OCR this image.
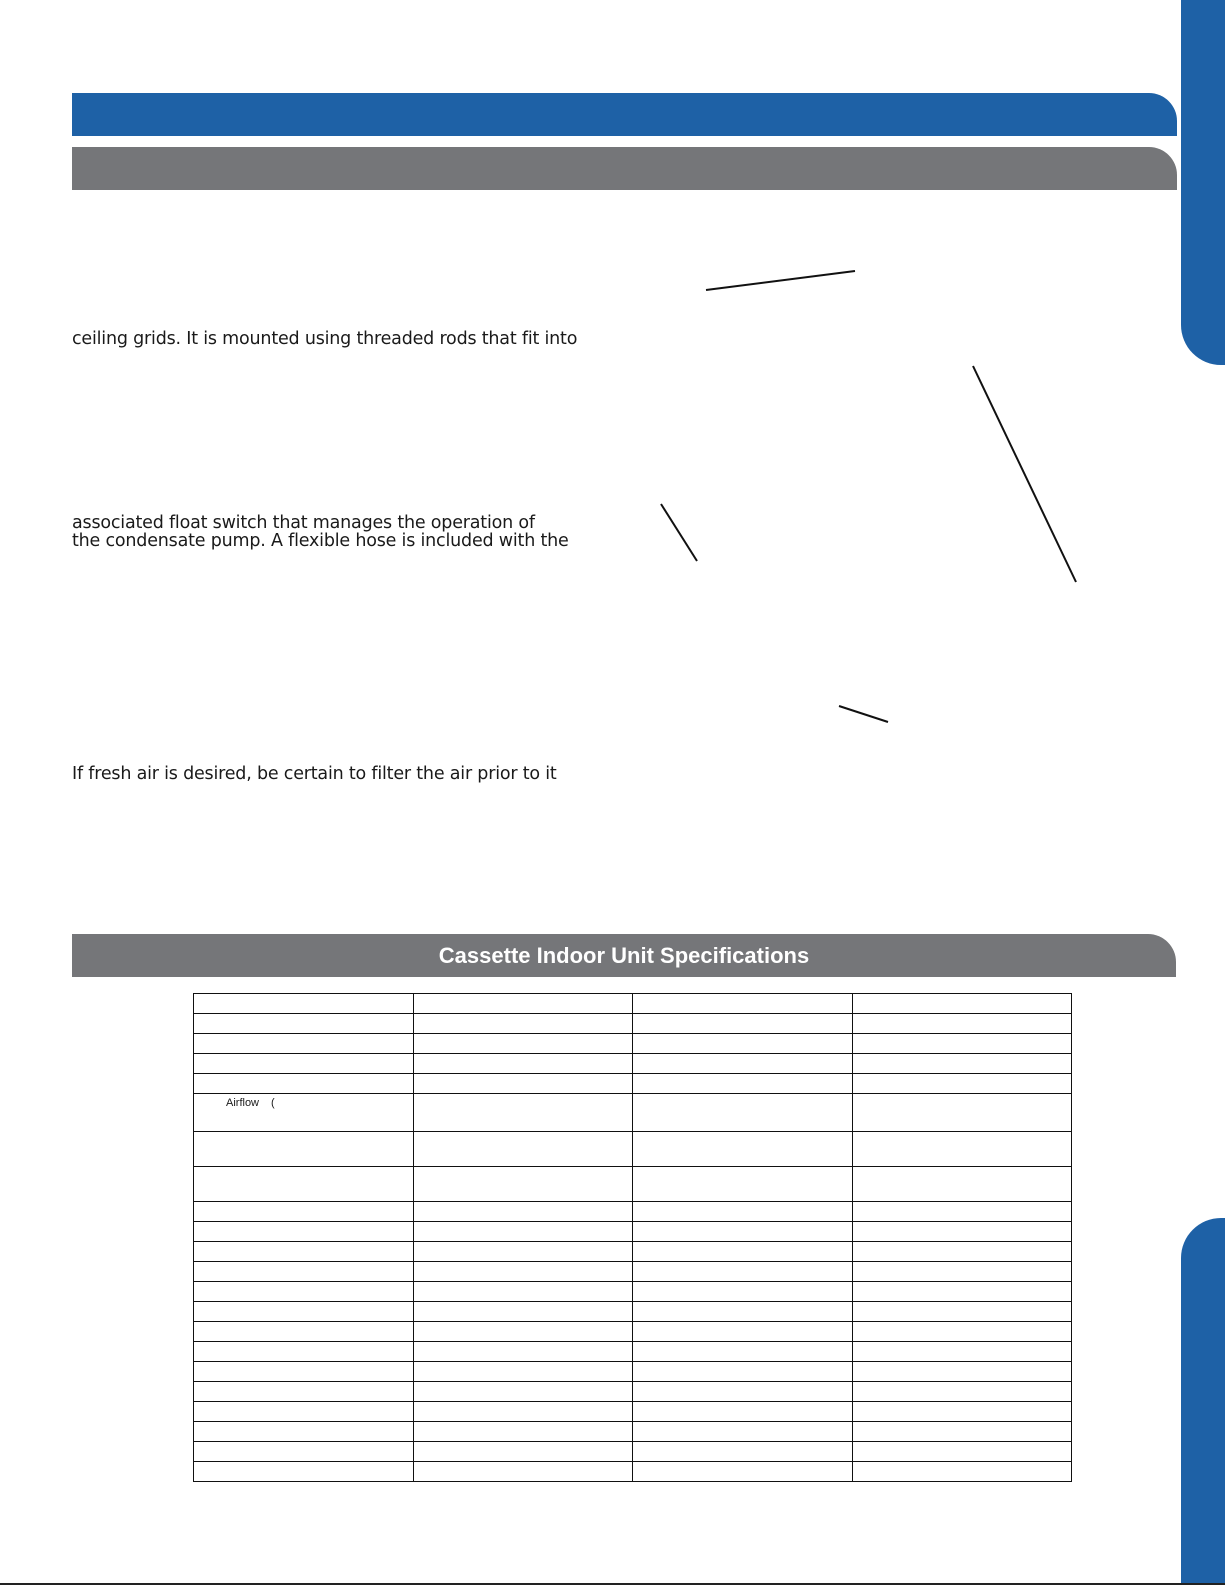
ceiling grids. It is mounted using threaded rods that fit into

associated float switch that manages the operation of

the condensate pump. A flexible hose is included with the

If fresh air is desired, be certain to filter the air prior to it

Cassette Indoor Unit Specifications

Airflow (			
